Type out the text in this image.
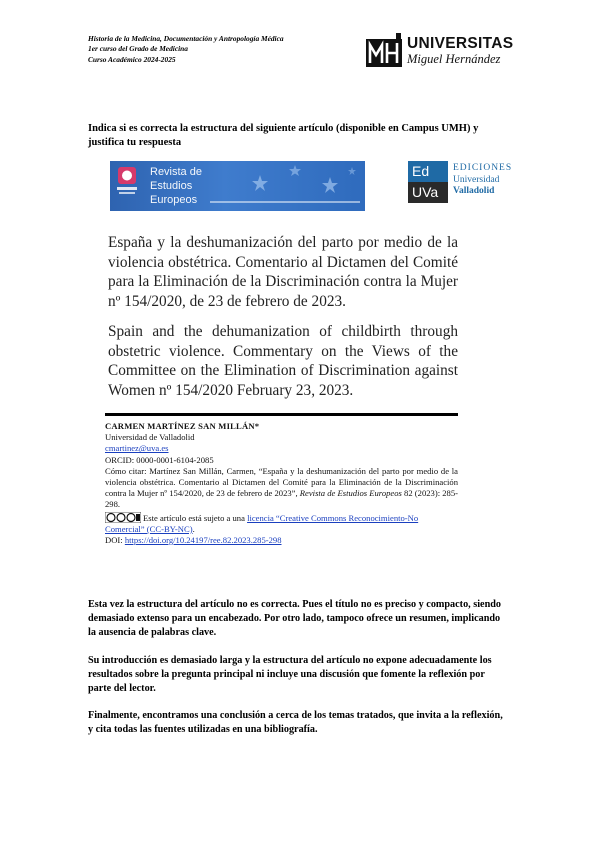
Historia de la Medicina, Documentación y Antropología Médica
1er curso del Grado de Medicina
Curso Académico 2024-2025
UNIVERSITAS
Miguel Hernández
Indica si es correcta la estructura del siguiente artículo (disponible en Campus UMH) y justifica tu respuesta
Revista de
Estudios
Europeos
Ed
UVa
EDICIONES
Universidad
Valladolid
España y la deshumanización del parto por medio de la violencia obstétrica. Comentario al Dictamen del Comité para la Eliminación de la Discriminación contra la Mujer nº 154/2020, de 23 de febrero de 2023.
Spain and the dehumanization of childbirth through obstetric violence. Commentary on the Views of the Committee on the Elimination of Discrimination against Women nº 154/2020 February 23, 2023.
CARMEN MARTÍNEZ SAN MILLÁN*
Universidad de Valladolid
cmartinez@uva.es
ORCID: 0000-0001-6104-2085
Cómo citar: Martínez San Millán, Carmen, “España y la deshumanización del parto por medio de la violencia obstétrica. Comentario al Dictamen del Comité para la Eliminación de la Discriminación contra la Mujer nº 154/2020, de 23 de febrero de 2023”, Revista de Estudios Europeos 82 (2023): 285-298.
Este artículo está sujeto a una licencia “Creative Commons Reconocimiento-No Comercial” (CC-BY-NC).
DOI: https://doi.org/10.24197/ree.82.2023.285-298
Esta vez la estructura del artículo no es correcta. Pues el título no es preciso y compacto, siendo demasiado extenso para un encabezado. Por otro lado, tampoco ofrece un resumen, implicando la ausencia de palabras clave.
Su introducción es demasiado larga y la estructura del artículo no expone adecuadamente los resultados sobre la pregunta principal ni incluye una discusión que fomente la reflexión por parte del lector.
Finalmente, encontramos una conclusión a cerca de los temas tratados, que invita a la reflexión, y cita todas las fuentes utilizadas en una bibliografía.
